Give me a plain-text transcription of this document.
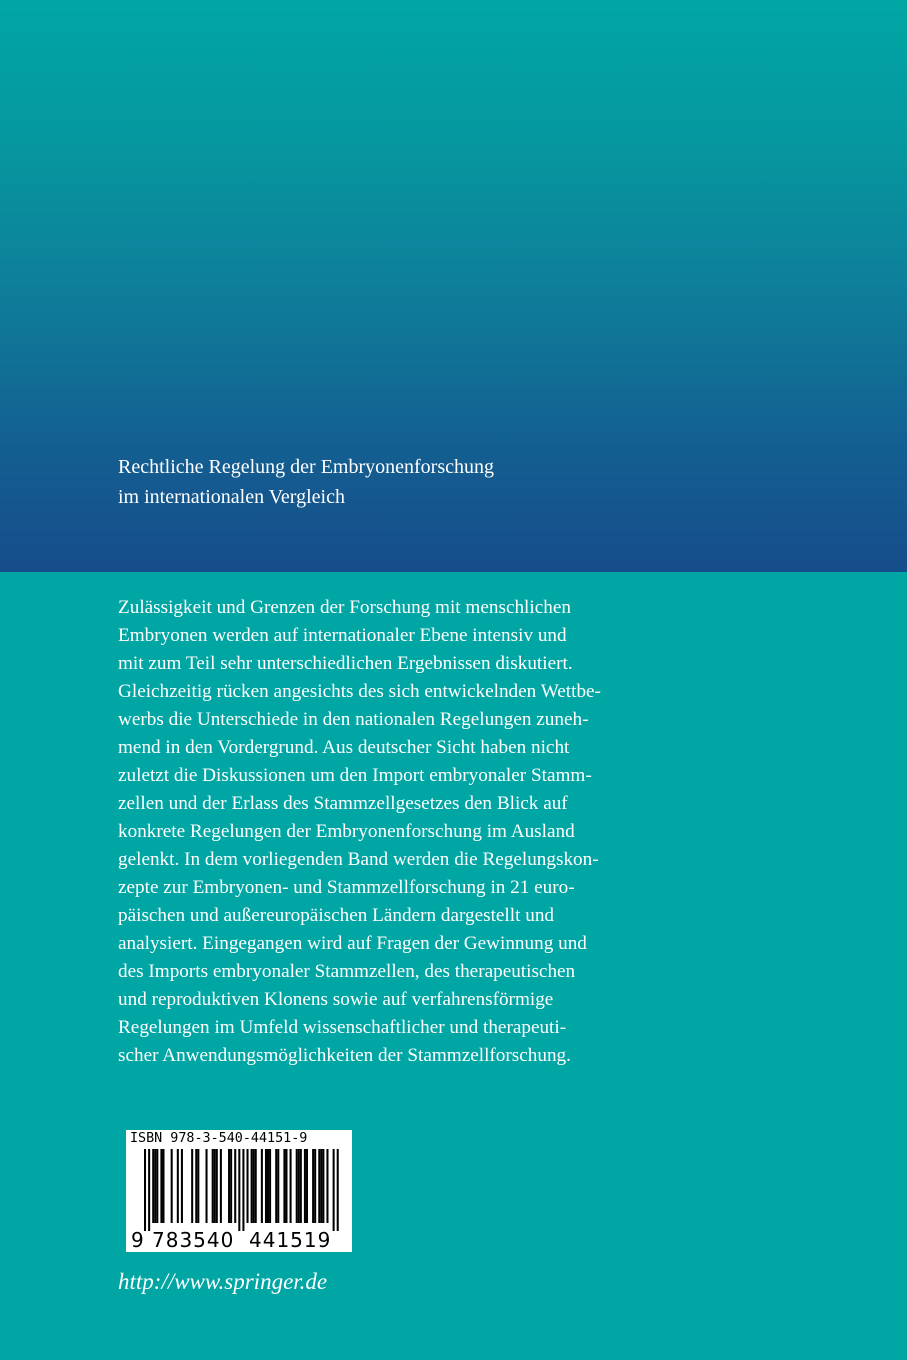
Rechtliche Regelung der Embryonenforschung
im internationalen Vergleich
Zulässigkeit und Grenzen der Forschung mit menschlichen
Embryonen werden auf internationaler Ebene intensiv und
mit zum Teil sehr unterschiedlichen Ergebnissen diskutiert.
Gleichzeitig rücken angesichts des sich entwickelnden Wettbe-
werbs die Unterschiede in den nationalen Regelungen zuneh-
mend in den Vordergrund. Aus deutscher Sicht haben nicht
zuletzt die Diskussionen um den Import embryonaler Stamm-
zellen und der Erlass des Stammzellgesetzes den Blick auf
konkrete Regelungen der Embryonenforschung im Ausland
gelenkt. In dem vorliegenden Band werden die Regelungskon-
zepte zur Embryonen- und Stammzellforschung in 21 euro-
päischen und außereuropäischen Ländern dargestellt und
analysiert. Eingegangen wird auf Fragen der Gewinnung und
des Imports embryonaler Stammzellen, des therapeutischen
und reproduktiven Klonens sowie auf verfahrensförmige
Regelungen im Umfeld wissenschaftlicher und therapeuti-
scher Anwendungsmöglichkeiten der Stammzellforschung.
ISBN 978-3-540-44151-9
9 783540 441519
http://www.springer.de
